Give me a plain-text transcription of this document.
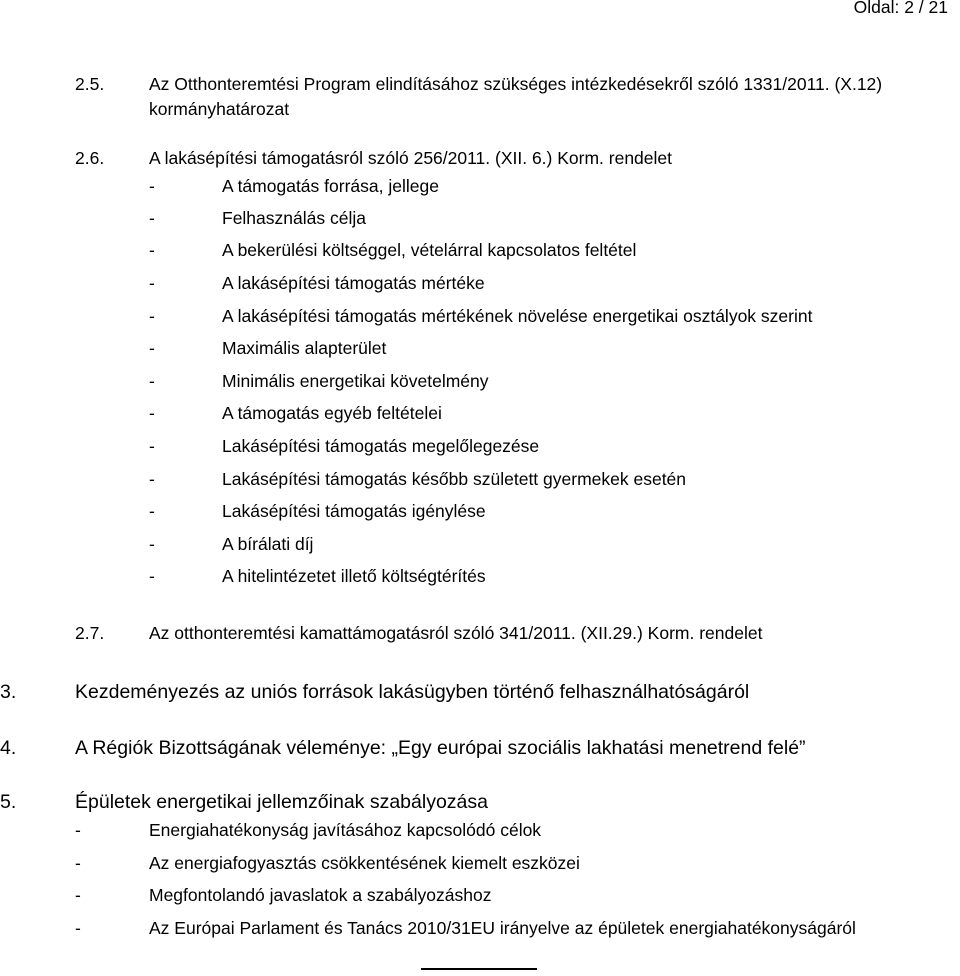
Oldal: 2 / 21
2.5.	Az Otthonteremtési Program elindításához szükséges intézkedésekről szóló 1331/2011. (X.12)
kormányhatározat
2.6.	A lakásépítési támogatásról szóló 256/2011. (XII. 6.) Korm. rendelet
-	A támogatás forrása, jellege
-	Felhasználás célja
-	A bekerülési költséggel, vételárral kapcsolatos feltétel
-	A lakásépítési támogatás mértéke
-	A lakásépítési támogatás mértékének növelése energetikai osztályok szerint
-	Maximális alapterület
-	Minimális energetikai követelmény
-	A támogatás egyéb feltételei
-	Lakásépítési támogatás megelőlegezése
-	Lakásépítési támogatás később született gyermekek esetén
-	Lakásépítési támogatás igénylése
-	A bírálati díj
-	A hitelintézetet illető költségtérítés
2.7.	Az otthonteremtési kamattámogatásról szóló 341/2011. (XII.29.) Korm. rendelet
3.	Kezdeményezés az uniós források lakásügyben történő felhasználhatóságáról
4.	A Régiók Bizottságának véleménye: „Egy európai szociális lakhatási menetrend felé”
5.	Épületek energetikai jellemzőinak szabályozása
-	Energiahatékonyság javításához kapcsolódó célok
-	Az energiafogyasztás csökkentésének kiemelt eszközei
-	Megfontolandó javaslatok a szabályozáshoz
-	Az Európai Parlament és Tanács 2010/31EU irányelve az épületek energiahatékonyságáról
